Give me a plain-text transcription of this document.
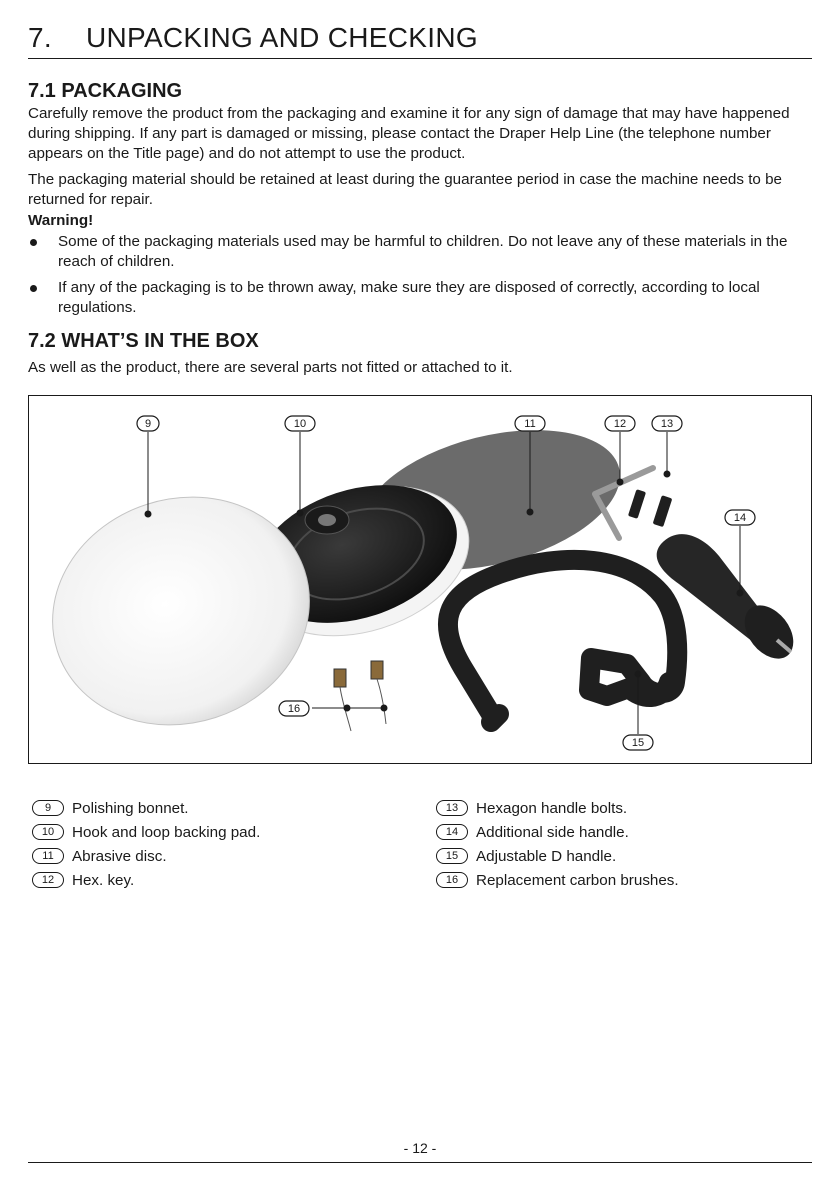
7. UNPACKING AND CHECKING
7.1 PACKAGING

Carefully remove the product from the packaging and examine it for any sign of damage that may have happened during shipping. If any part is damaged or missing, please contact the Draper Help Line (the telephone number appears on the Title page) and do not attempt to use the product.

The packaging material should be retained at least during the guarantee period in case the machine needs to be returned for repair.

Warning!
Some of the packaging materials used may be harmful to children. Do not leave any of these materials in the reach of children.
If any of the packaging is to be thrown away, make sure they are disposed of correctly, according to local regulations.
7.2 WHAT’S IN THE BOX

As well as the product, there are several parts not fitted or attached to it.

9	10	11	12	13
14
15
16
9	Polishing bonnet.
10	Hook and loop backing pad.
11	Abrasive disc.
12	Hex. key.
13	Hexagon handle bolts.
14	Additional side handle.
15	Adjustable D handle.
16	Replacement carbon brushes.
- 12 -
